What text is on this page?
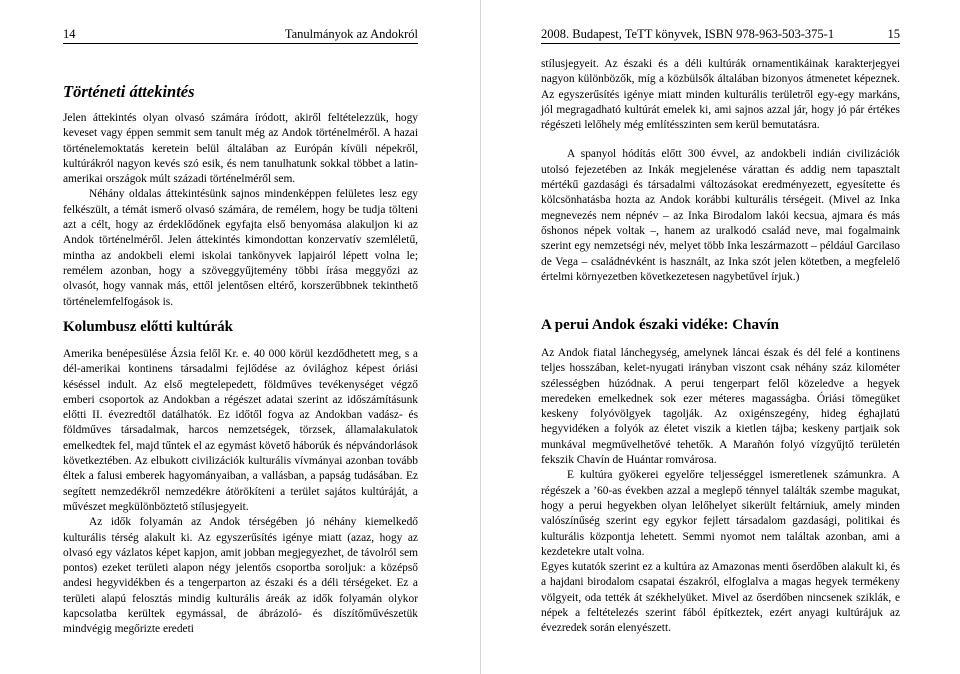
14	Tanulmányok az Andokról
Történeti áttekintés

Jelen áttekintés olyan olvasó számára íródott, akiről feltételezzük, hogy keveset vagy éppen semmit sem tanult még az Andok történelméről. A hazai történelemoktatás keretein belül általában az Európán kívüli népekről, kultúrákról nagyon kevés szó esik, és nem tanulhatunk sokkal többet a latin-amerikai országok múlt századi történelméről sem.

Néhány oldalas áttekintésünk sajnos mindenképpen felületes lesz egy felkészült, a témát ismerő olvasó számára, de remélem, hogy be tudja tölteni azt a célt, hogy az érdeklődőnek egyfajta első benyomása alakuljon ki az Andok történelméről. Jelen áttekintés kimondottan konzervatív szemléletű, mintha az andokbeli elemi iskolai tankönyvek lapjairól lépett volna le; remélem azonban, hogy a szöveggyűjtemény többi írása meggyőzi az olvasót, hogy vannak más, ettől jelentősen eltérő, korszerűbbnek tekinthető történelemfelfogások is.

Kolumbusz előtti kultúrák

Amerika benépesülése Ázsia felől Kr. e. 40 000 körül kezdődhetett meg, s a dél-amerikai kontinens társadalmi fejlődése az óvilághoz képest óriási késéssel indult. Az első megtelepedett, földműves tevékenységet végző emberi csoportok az Andokban a régészet adatai szerint az időszámításunk előtti II. évezredtől datálhatók. Ez időtől fogva az Andokban vadász- és földműves társadalmak, harcos nemzetségek, törzsek, államalakulatok emelkedtek fel, majd tűntek el az egymást követő háborúk és népvándorlások következtében. Az elbukott civilizációk kulturális vívmányai azonban tovább éltek a falusi emberek hagyományaiban, a vallásban, a papság tudásában. Ez segített nemzedékről nemzedékre átörökíteni a terület sajátos kultúráját, a művészet megkülönböztető stílusjegyeit.

Az idők folyamán az Andok térségében jó néhány kiemelkedő kulturális térség alakult ki. Az egyszerűsítés igénye miatt (azaz, hogy az olvasó egy vázlatos képet kapjon, amit jobban megjegyezhet, de távolról sem pontos) ezeket területi alapon négy jelentős csoportba soroljuk: a középső andesi hegyvidékben és a tengerparton az északi és a déli térségeket. Ez a területi alapú felosztás mindig kulturális áreák az idők folyamán olykor kapcsolatba kerültek egymással, de ábrázoló- és díszítőművészetük mindvégig megőrizte eredeti

2008. Budapest, TeTT könyvek, ISBN 978-963-503-375-1	15

stílusjegyeit. Az északi és a déli kultúrák ornamentikáinak karakterjegyei nagyon különbözők, míg a közbülsők általában bizonyos átmenetet képeznek. Az egyszerűsítés igénye miatt minden kulturális területről egy-egy markáns, jól megragadható kultúrát emelek ki, ami sajnos azzal jár, hogy jó pár értékes régészeti lelőhely még említésszinten sem kerül bemutatásra.

A spanyol hódítás előtt 300 évvel, az andokbeli indián civilizációk utolsó fejezetében az Inkák megjelenése várattan és addig nem tapasztalt mértékű gazdasági és társadalmi változásokat eredményezett, egyesítette és kölcsönhatásba hozta az Andok korábbi kulturális térségeit. (Mivel az Inka megnevezés nem népnév – az Inka Birodalom lakói kecsua, ajmara és más őshonos népek voltak –, hanem az uralkodó család neve, mai fogalmaink szerint egy nemzetségi név, melyet több Inka leszármazott – például Garcilaso de Vega – családnévként is használt, az Inka szót jelen kötetben, a megfelelő értelmi környezetben következetesen nagybetűvel írjuk.)

A perui Andok északi vidéke: Chavín

Az Andok fiatal lánchegység, amelynek láncai észak és dél felé a kontinens teljes hosszában, kelet-nyugati irányban viszont csak néhány száz kilométer szélességben húzódnak. A perui tengerpart felől közeledve a hegyek meredeken emelkednek sok ezer méteres magasságba. Óriási tömegüket keskeny folyóvölgyek tagolják. Az oxigénszegény, hideg éghajlatú hegyvidéken a folyók az életet viszik a kietlen tájba; keskeny partjaik sok munkával megművelhetővé tehetők. A Marañón folyó vízgyűjtő területén fekszik Chavín de Huántar romvárosa.

E kultúra gyökerei egyelőre teljességgel ismeretlenek számunkra. A régészek a ’60-as években azzal a meglepő ténnyel találták szembe magukat, hogy a perui hegyekben olyan lelőhelyet sikerült feltárniuk, amely minden valószínűség szerint egy egykor fejlett társadalom gazdasági, politikai és kulturális központja lehetett. Semmi nyomot nem találtak azonban, ami a kezdetekre utalt volna.

Egyes kutatók szerint ez a kultúra az Amazonas menti őserdőben alakult ki, és a hajdani birodalom csapatai északról, elfoglalva a magas hegyek termékeny völgyeit, oda tették át székhelyüket. Mivel az őserdőben nincsenek sziklák, e népek a feltételezés szerint fából építkeztek, ezért anyagi kultúrájuk az évezredek során elenyészett.
